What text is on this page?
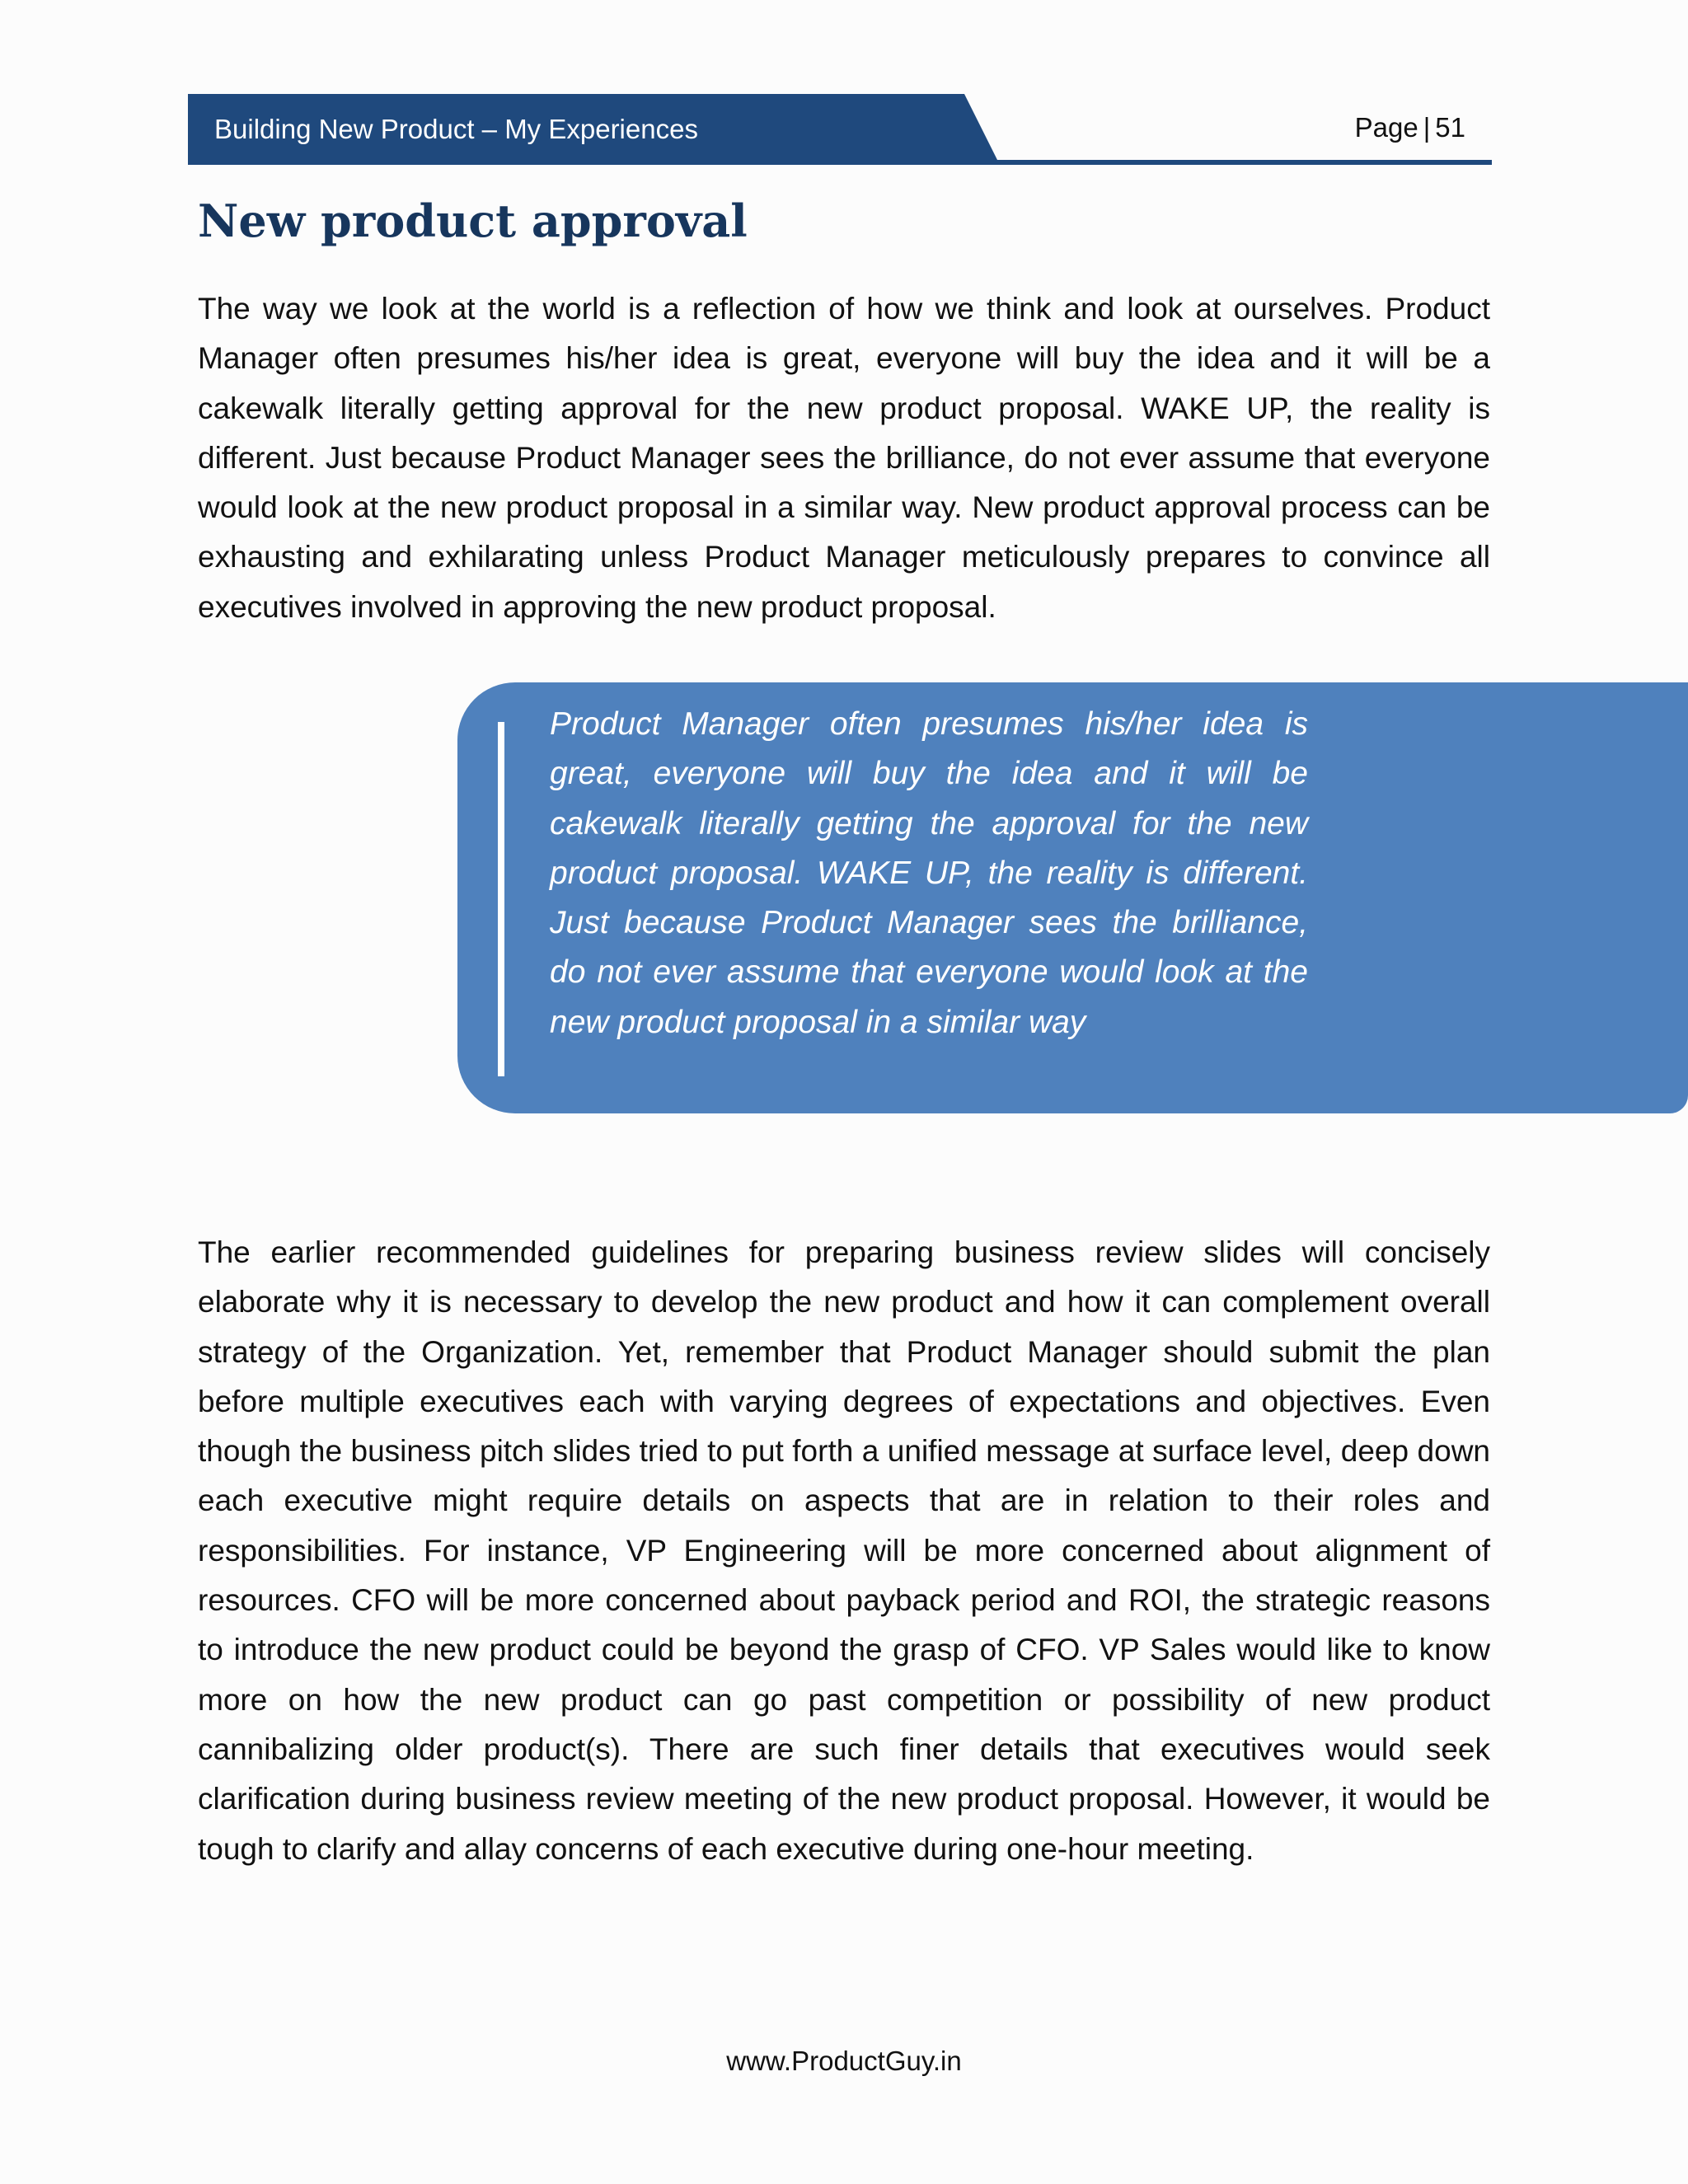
Building New Product – My Experiences	Page | 51
New product approval

The way we look at the world is a reflection of how we think and look at ourselves. Product Manager often presumes his/her idea is great, everyone will buy the idea and it will be a cakewalk literally getting approval for the new product proposal. WAKE UP, the reality is different. Just because Product Manager sees the brilliance, do not ever assume that everyone would look at the new product proposal in a similar way. New product approval process can be exhausting and exhilarating unless Product Manager meticulously prepares to convince all executives involved in approving the new product proposal.

Product Manager often presumes his/her idea is great, everyone will buy the idea and it will be cakewalk literally getting the approval for the new product proposal. WAKE UP, the reality is different. Just because Product Manager sees the brilliance, do not ever assume that everyone would look at the new product proposal in a similar way

The earlier recommended guidelines for preparing business review slides will concisely elaborate why it is necessary to develop the new product and how it can complement overall strategy of the Organization. Yet, remember that Product Manager should submit the plan before multiple executives each with varying degrees of expectations and objectives. Even though the business pitch slides tried to put forth a unified message at surface level, deep down each executive might require details on aspects that are in relation to their roles and responsibilities. For instance, VP Engineering will be more concerned about alignment of resources. CFO will be more concerned about payback period and ROI, the strategic reasons to introduce the new product could be beyond the grasp of CFO. VP Sales would like to know more on how the new product can go past competition or possibility of new product cannibalizing older product(s). There are such finer details that executives would seek clarification during business review meeting of the new product proposal. However, it would be tough to clarify and allay concerns of each executive during one-hour meeting.

www.ProductGuy.in
